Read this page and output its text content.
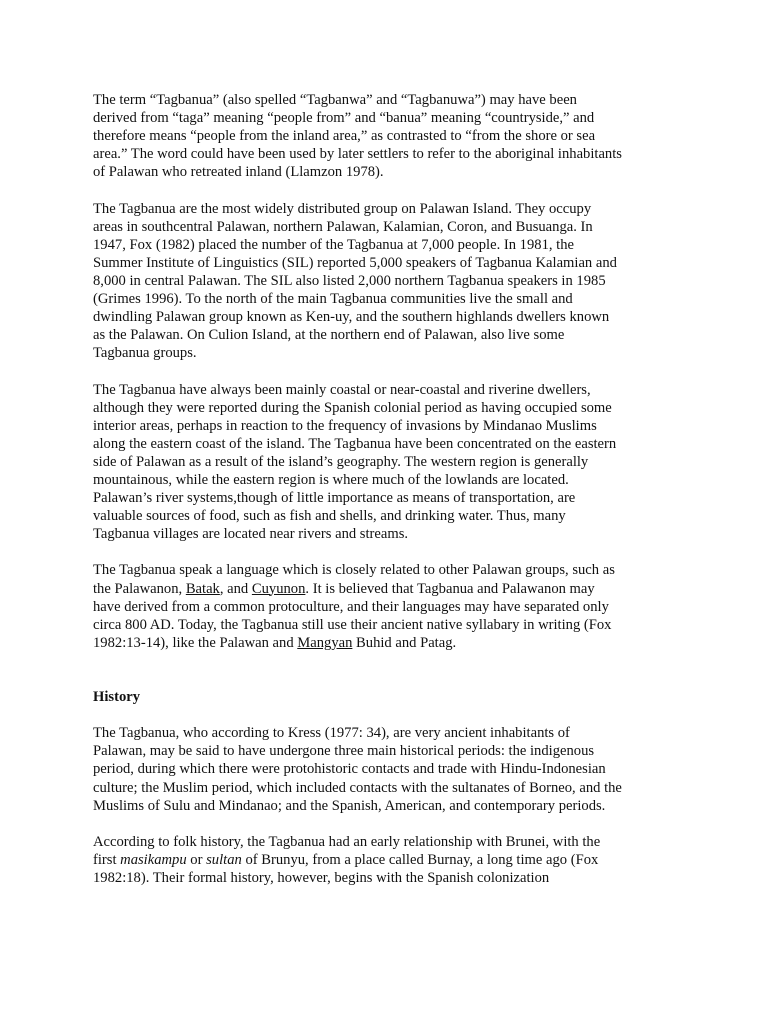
The term “Tagbanua” (also spelled “Tagbanwa” and “Tagbanuwa”) may have been derived from “taga” meaning “people from” and “banua” meaning “countryside,” and therefore means “people from the inland area,” as contrasted to “from the shore or sea area.” The word could have been used by later settlers to refer to the aboriginal inhabitants of Palawan who retreated inland (Llamzon 1978).

The Tagbanua are the most widely distributed group on Palawan Island. They occupy areas in southcentral Palawan, northern Palawan, Kalamian, Coron, and Busuanga. In 1947, Fox (1982) placed the number of the Tagbanua at 7,000 people. In 1981, the Summer Institute of Linguistics (SIL) reported 5,000 speakers of Tagbanua Kalamian and 8,000 in central Palawan. The SIL also listed 2,000 northern Tagbanua speakers in 1985 (Grimes 1996). To the north of the main Tagbanua communities live the small and dwindling Palawan group known as Ken-uy, and the southern highlands dwellers known as the Palawan. On Culion Island, at the northern end of Palawan, also live some Tagbanua groups.

The Tagbanua have always been mainly coastal or near-coastal and riverine dwellers, although they were reported during the Spanish colonial period as having occupied some interior areas, perhaps in reaction to the frequency of invasions by Mindanao Muslims along the eastern coast of the island. The Tagbanua have been concentrated on the eastern side of Palawan as a result of the island’s geography. The western region is generally mountainous, while the eastern region is where much of the lowlands are located. Palawan’s river systems,though of little importance as means of transportation, are valuable sources of food, such as fish and shells, and drinking water. Thus, many Tagbanua villages are located near rivers and streams.

The Tagbanua speak a language which is closely related to other Palawan groups, such as the Palawanon, Batak, and Cuyunon. It is believed that Tagbanua and Palawanon may have derived from a common protoculture, and their languages may have separated only circa 800 AD. Today, the Tagbanua still use their ancient native syllabary in writing (Fox 1982:13-14), like the Palawan and Mangyan Buhid and Patag.

History

The Tagbanua, who according to Kress (1977: 34), are very ancient inhabitants of Palawan, may be said to have undergone three main historical periods: the indigenous period, during which there were protohistoric contacts and trade with Hindu-Indonesian culture; the Muslim period, which included contacts with the sultanates of Borneo, and the Muslims of Sulu and Mindanao; and the Spanish, American, and contemporary periods.

According to folk history, the Tagbanua had an early relationship with Brunei, with the first masikampu or sultan of Brunyu, from a place called Burnay, a long time ago (Fox 1982:18). Their formal history, however, begins with the Spanish colonization
